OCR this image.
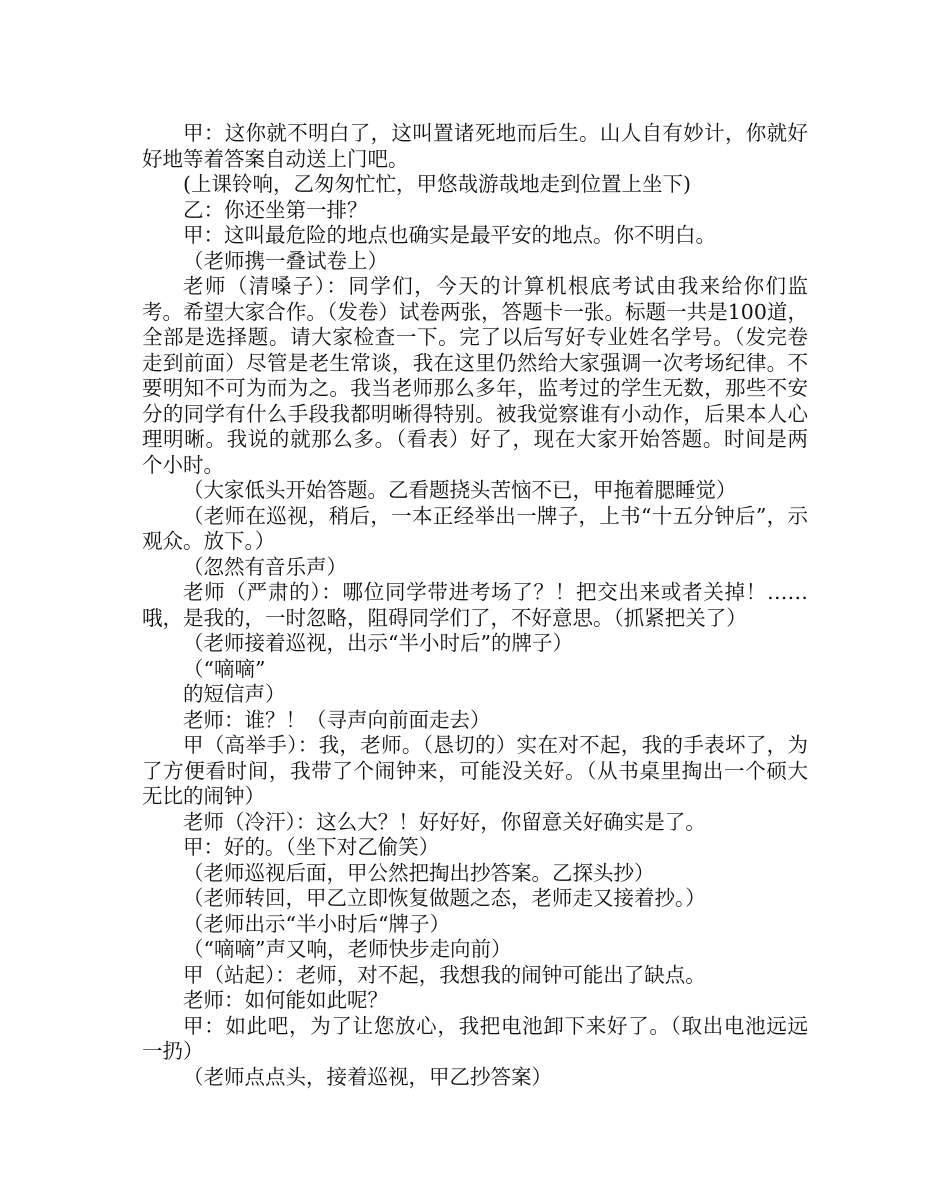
甲：这你就不明白了，这叫置诸死地而后生。山人自有妙计，你就好好地等着答案自动送上门吧。

(上课铃响，乙匆匆忙忙，甲悠哉游哉地走到位置上坐下)

乙：你还坐第一排？

甲：这叫最危险的地点也确实是最平安的地点。你不明白。

（老师携一叠试卷上）

老师（清嗓子）：同学们，今天的计算机根底考试由我来给你们监考。希望大家合作。（发卷）试卷两张，答题卡一张。标题一共是100道，全部是选择题。请大家检查一下。完了以后写好专业姓名学号。（发完卷走到前面）尽管是老生常谈，我在这里仍然给大家强调一次考场纪律。不要明知不可为而为之。我当老师那么多年，监考过的学生无数，那些不安分的同学有什么手段我都明晰得特别。被我觉察谁有小动作，后果本人心理明晰。我说的就那么多。（看表）好了，现在大家开始答题。时间是两个小时。

（大家低头开始答题。乙看题挠头苦恼不已，甲拖着腮睡觉）

（老师在巡视，稍后，一本正经举出一牌子，上书“十五分钟后”，示观众。放下。）

（忽然有音乐声）

老师（严肃的）：哪位同学带进考场了？！把交出来或者关掉！……哦，是我的，一时忽略，阻碍同学们了，不好意思。（抓紧把关了）

（老师接着巡视，出示“半小时后”的牌子）

（“嘀嘀”

的短信声）

老师：谁？！（寻声向前面走去）

甲（高举手）：我，老师。（恳切的）实在对不起，我的手表坏了，为了方便看时间，我带了个闹钟来，可能没关好。（从书桌里掏出一个硕大无比的闹钟）

老师（冷汗）：这么大？！好好好，你留意关好确实是了。

甲：好的。（坐下对乙偷笑）

（老师巡视后面，甲公然把掏出抄答案。乙探头抄）

（老师转回，甲乙立即恢复做题之态，老师走又接着抄。）

（老师出示“半小时后“牌子）

（“嘀嘀”声又响，老师快步走向前）

甲（站起）：老师，对不起，我想我的闹钟可能出了缺点。

老师：如何能如此呢？

甲：如此吧，为了让您放心，我把电池卸下来好了。（取出电池远远一扔）

（老师点点头，接着巡视，甲乙抄答案）
